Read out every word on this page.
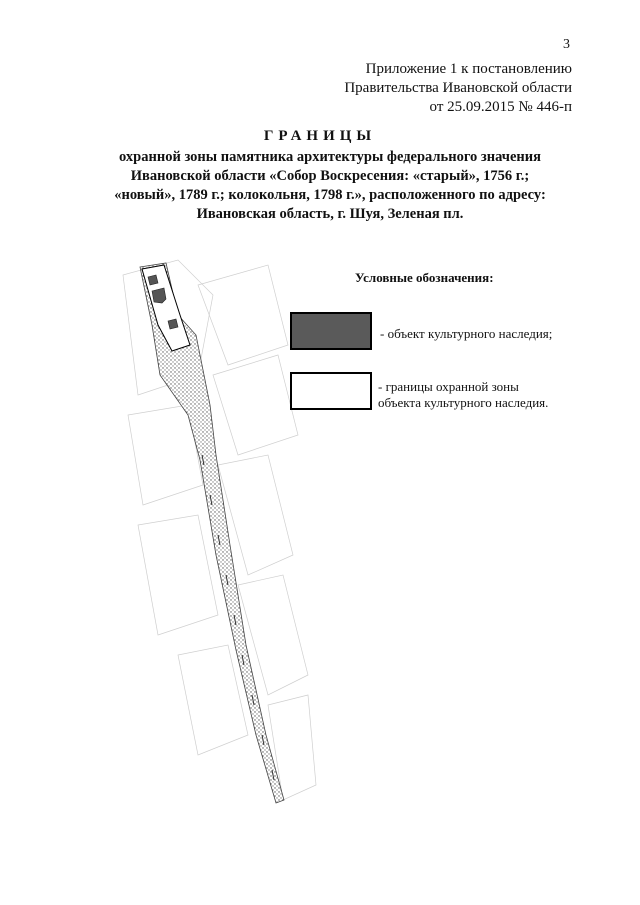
3
Приложение 1 к постановлению
Правительства Ивановской области
от 25.09.2015 № 446-п
ГРАНИЦЫ
охранной зоны памятника архитектуры федерального значения
Ивановской области «Собор Воскресения: «старый», 1756 г.;
«новый», 1789 г.; колокольня, 1798 г.», расположенного по адресу:
Ивановская область, г. Шуя, Зеленая пл.
Условные обозначения:
- объект культурного наследия;
- границы охранной зоны
объекта культурного наследия.
